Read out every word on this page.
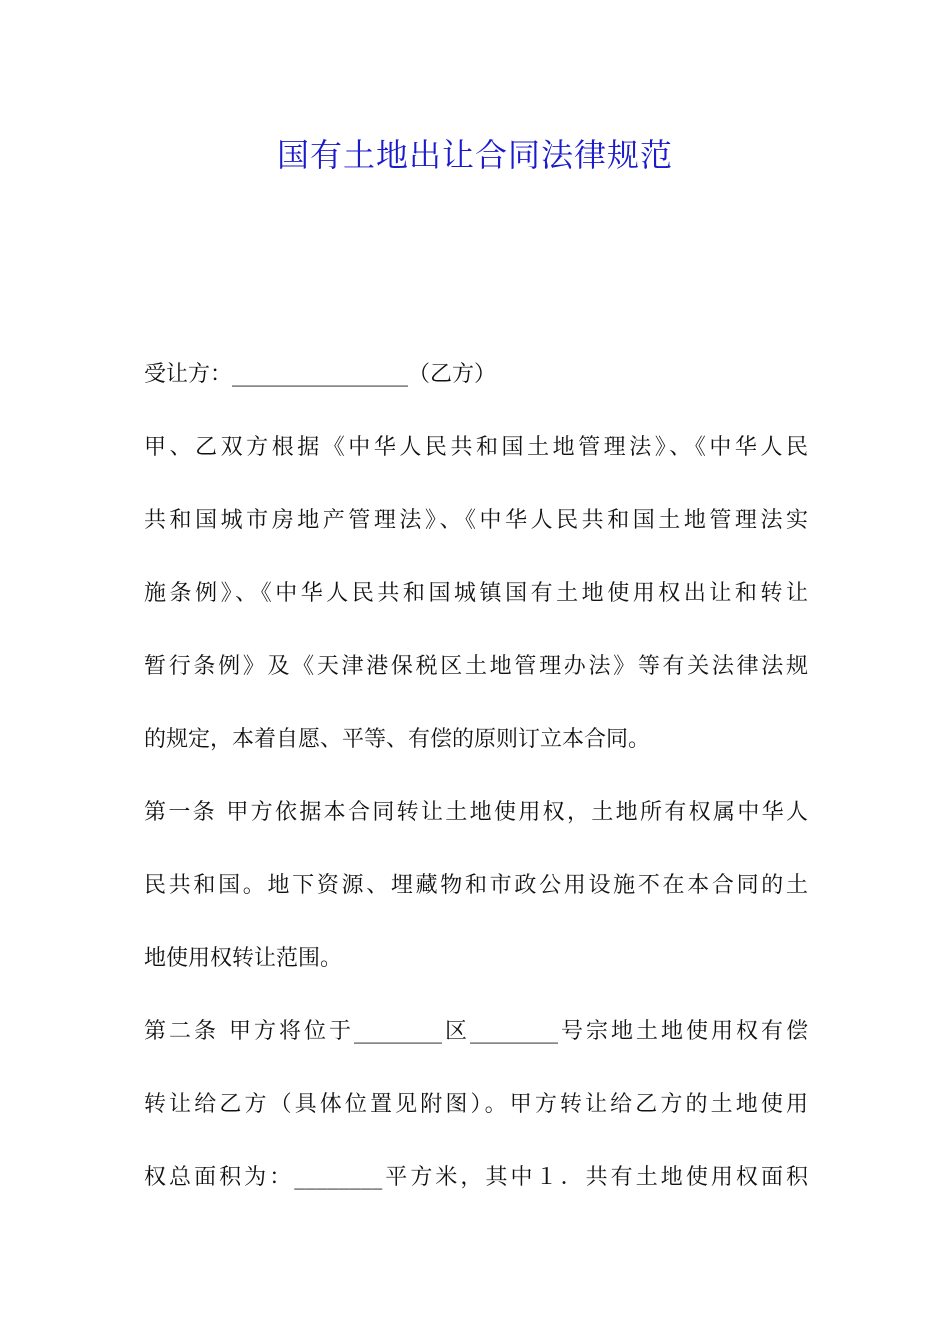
国有土地出让合同法律规范
受让方：________________（乙方）
甲、乙双方根据《中华人民共和国土地管理法》、《中华人民
共和国城市房地产管理法》、《中华人民共和国土地管理法实
施条例》、《中华人民共和国城镇国有土地使用权出让和转让
暂行条例》及《天津港保税区土地管理办法》等有关法律法规
的规定，本着自愿、平等、有偿的原则订立本合同。
第一条 甲方依据本合同转让土地使用权，土地所有权属中华人
民共和国。地下资源、埋藏物和市政公用设施不在本合同的土
地使用权转让范围。
第二条 甲方将位于________区________号宗地土地使用权有偿
转让给乙方（具体位置见附图）。甲方转让给乙方的土地使用
权总面积为：________平方米，其中１．共有土地使用权面积
